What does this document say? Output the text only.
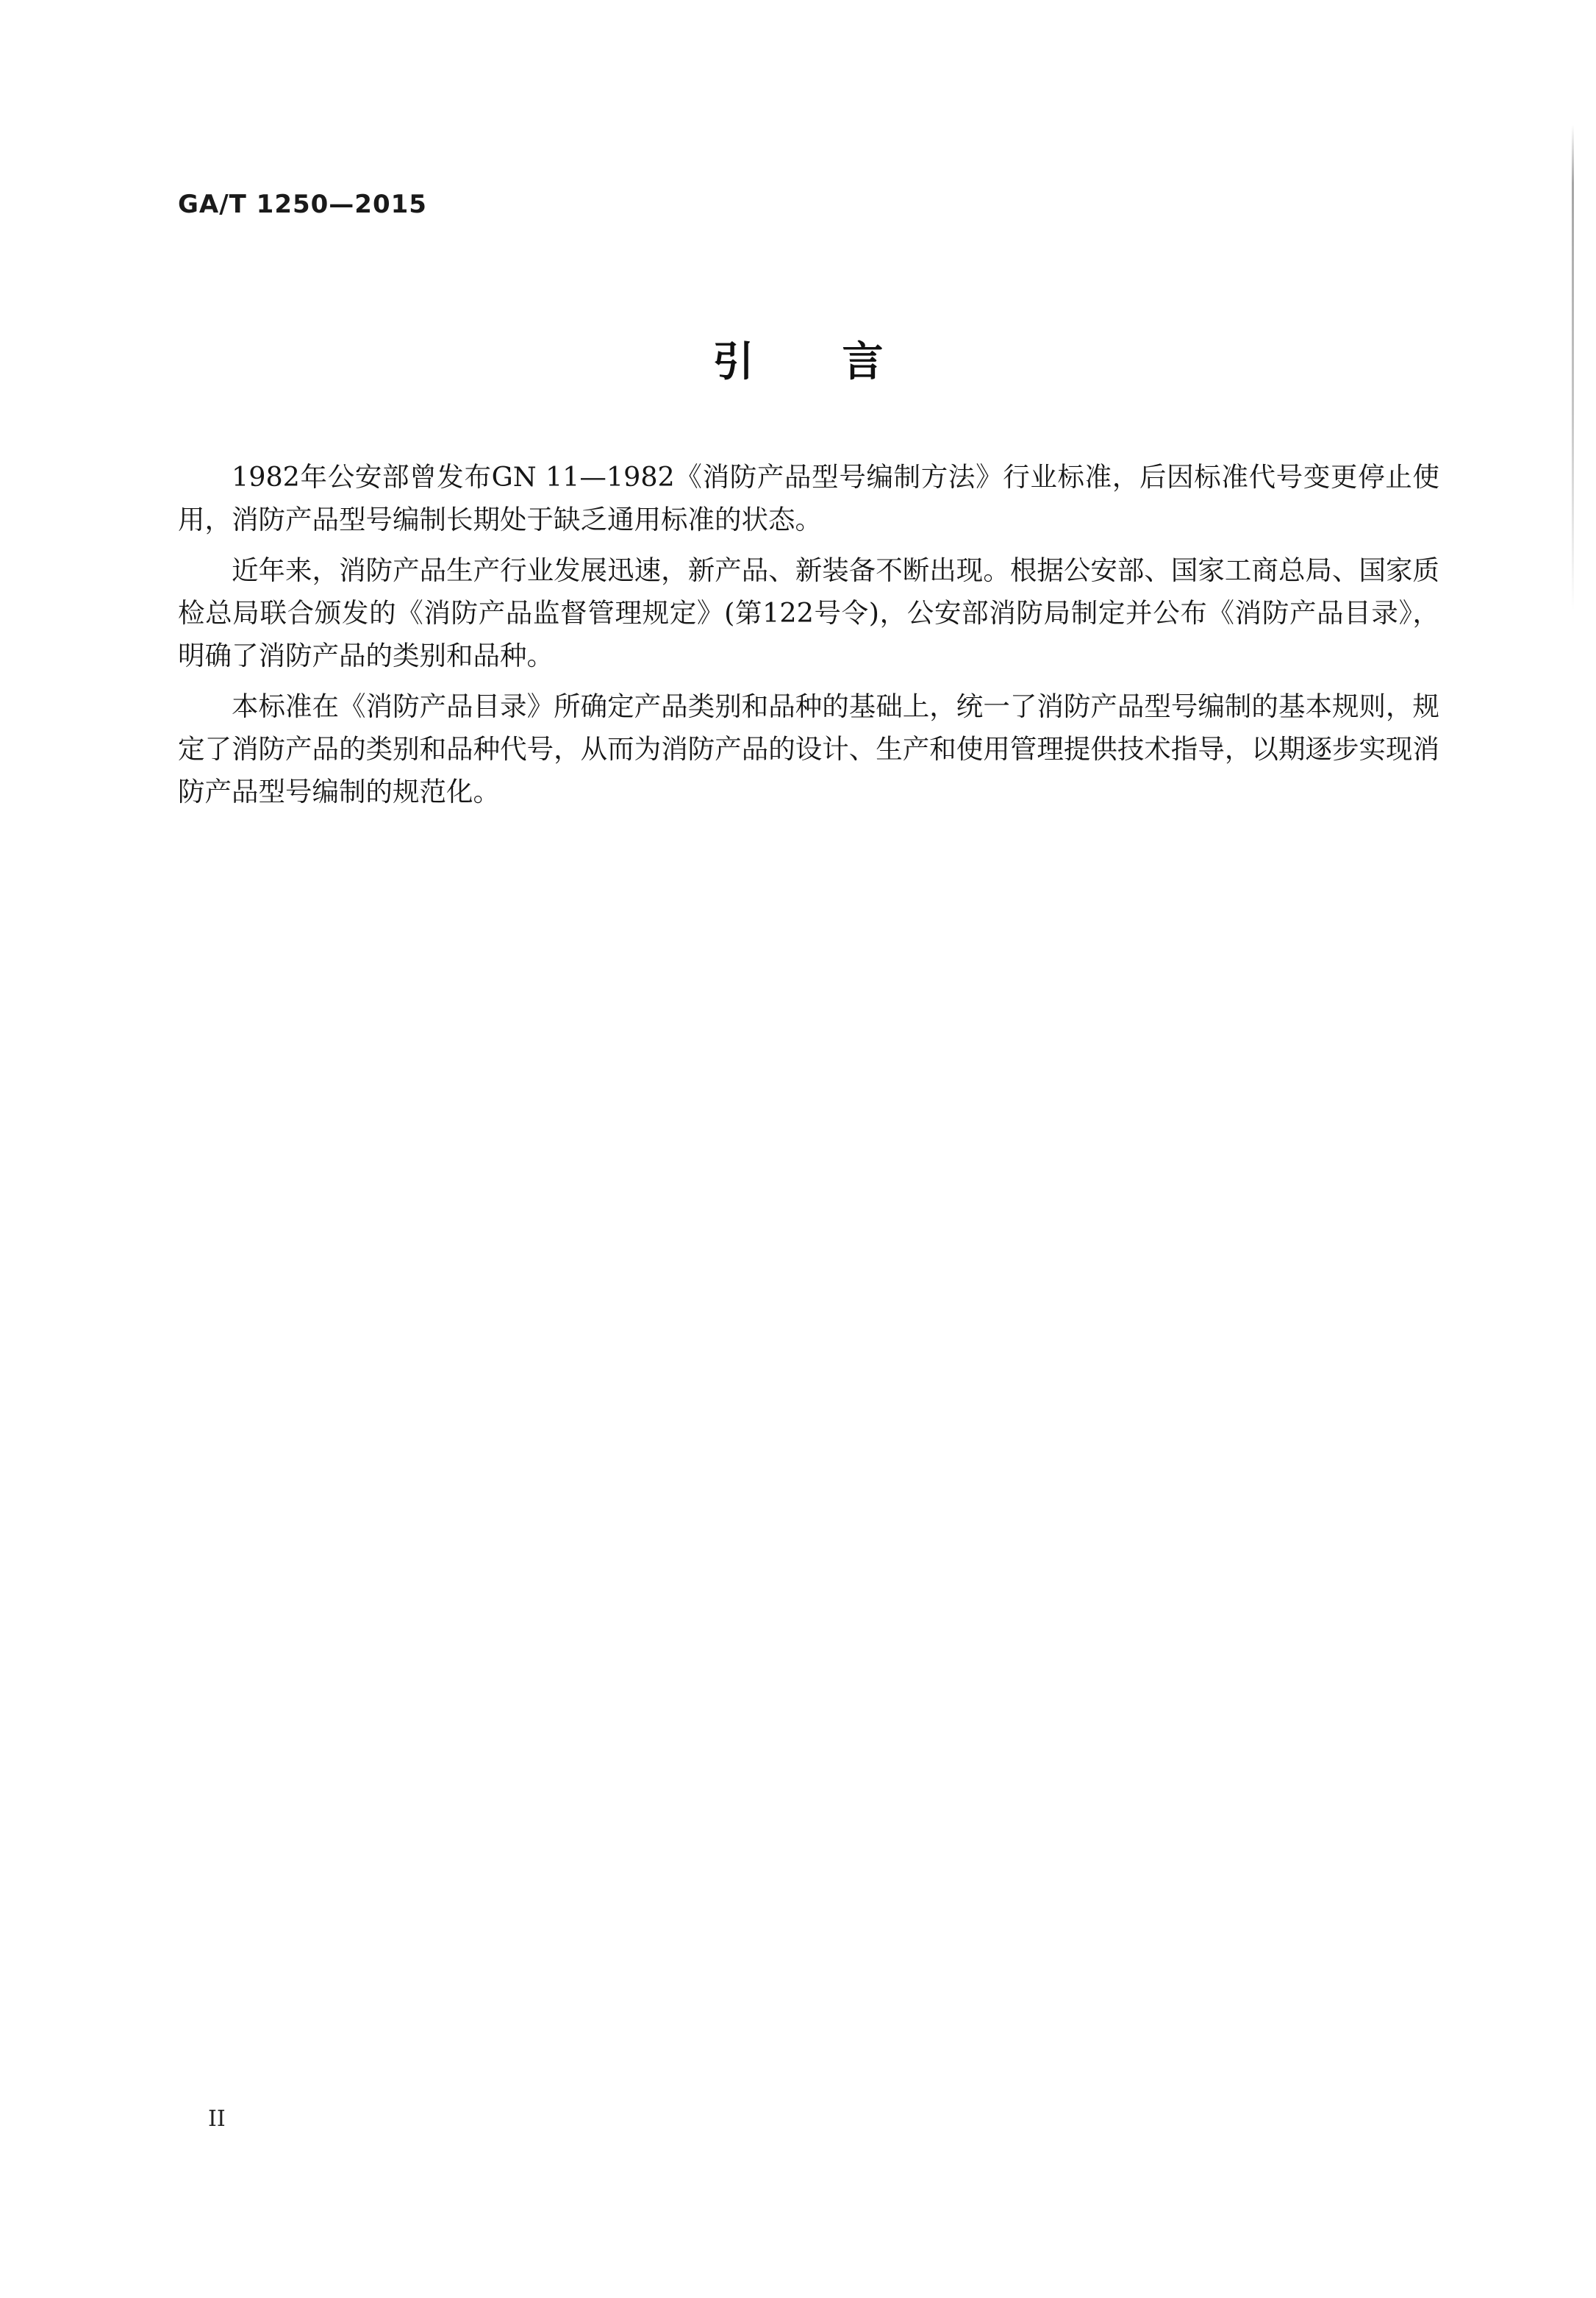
GA/T 1250—2015
引言

1982年公安部曾发布GN 11—1982《消防产品型号编制方法》行业标准，后因标准代号变更停止使用，消防产品型号编制长期处于缺乏通用标准的状态。

近年来，消防产品生产行业发展迅速，新产品、新装备不断出现。根据公安部、国家工商总局、国家质检总局联合颁发的《消防产品监督管理规定》(第122号令)，公安部消防局制定并公布《消防产品目录》，明确了消防产品的类别和品种。

本标准在《消防产品目录》所确定产品类别和品种的基础上，统一了消防产品型号编制的基本规则，规定了消防产品的类别和品种代号，从而为消防产品的设计、生产和使用管理提供技术指导，以期逐步实现消防产品型号编制的规范化。

II
